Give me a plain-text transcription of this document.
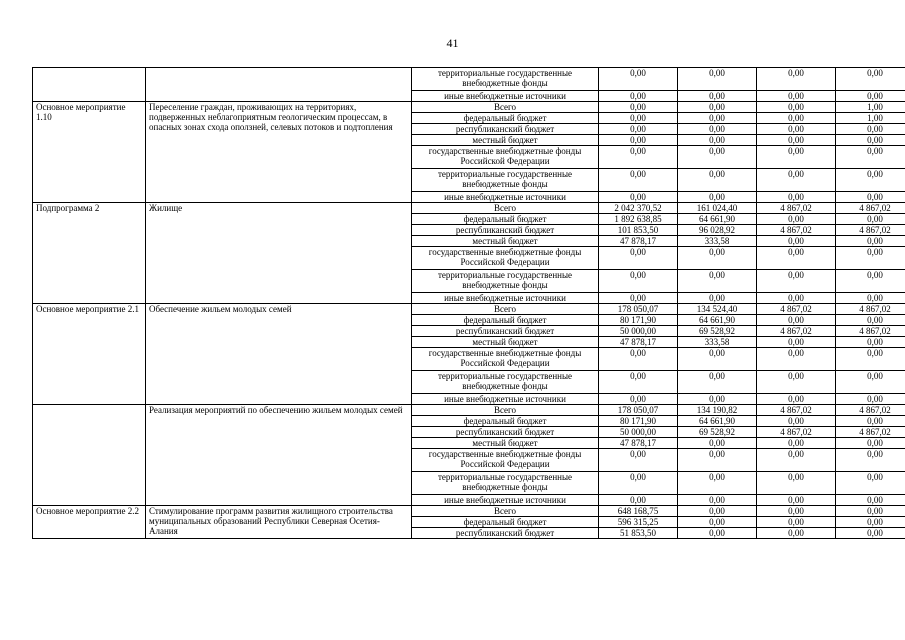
41
		территориальные государственные внебюджетные фонды	0,00	0,00	0,00	0,00
		иные внебюджетные источники	0,00	0,00	0,00	0,00
Основное мероприятие 1.10	Переселение граждан, проживающих на территориях, подверженных неблагоприятным геологическим процессам, в опасных зонах схода оползней, селевых потоков и подтопления	Всего	0,00	0,00	0,00	1,00
		федеральный бюджет	0,00	0,00	0,00	1,00
		республиканский бюджет	0,00	0,00	0,00	0,00
		местный бюджет	0,00	0,00	0,00	0,00
		государственные внебюджетные фонды Российской Федерации	0,00	0,00	0,00	0,00
		территориальные государственные внебюджетные фонды	0,00	0,00	0,00	0,00
		иные внебюджетные источники	0,00	0,00	0,00	0,00
Подпрограмма 2	Жилище	Всего	2 042 370,52	161 024,40	4 867,02	4 867,02
		федеральный бюджет	1 892 638,85	64 661,90	0,00	0,00
		республиканский бюджет	101 853,50	96 028,92	4 867,02	4 867,02
		местный бюджет	47 878,17	333,58	0,00	0,00
		государственные внебюджетные фонды Российской Федерации	0,00	0,00	0,00	0,00
		территориальные государственные внебюджетные фонды	0,00	0,00	0,00	0,00
		иные внебюджетные источники	0,00	0,00	0,00	0,00
Основное мероприятие 2.1	Обеспечение жильем молодых семей	Всего	178 050,07	134 524,40	4 867,02	4 867,02
		федеральный бюджет	80 171,90	64 661,90	0,00	0,00
		республиканский бюджет	50 000,00	69 528,92	4 867,02	4 867,02
		местный бюджет	47 878,17	333,58	0,00	0,00
		государственные внебюджетные фонды Российской Федерации	0,00	0,00	0,00	0,00
		территориальные государственные внебюджетные фонды	0,00	0,00	0,00	0,00
		иные внебюджетные источники	0,00	0,00	0,00	0,00
	Реализация мероприятий по обеспечению жильем молодых семей	Всего	178 050,07	134 190,82	4 867,02	4 867,02
		федеральный бюджет	80 171,90	64 661,90	0,00	0,00
		республиканский бюджет	50 000,00	69 528,92	4 867,02	4 867,02
		местный бюджет	47 878,17	0,00	0,00	0,00
		государственные внебюджетные фонды Российской Федерации	0,00	0,00	0,00	0,00
		территориальные государственные внебюджетные фонды	0,00	0,00	0,00	0,00
		иные внебюджетные источники	0,00	0,00	0,00	0,00
Основное мероприятие 2.2	Стимулирование программ развития жилищного строительства муниципальных образований Республики Северная Осетия-Алания	Всего	648 168,75	0,00	0,00	0,00
		федеральный бюджет	596 315,25	0,00	0,00	0,00
		республиканский бюджет	51 853,50	0,00	0,00	0,00
